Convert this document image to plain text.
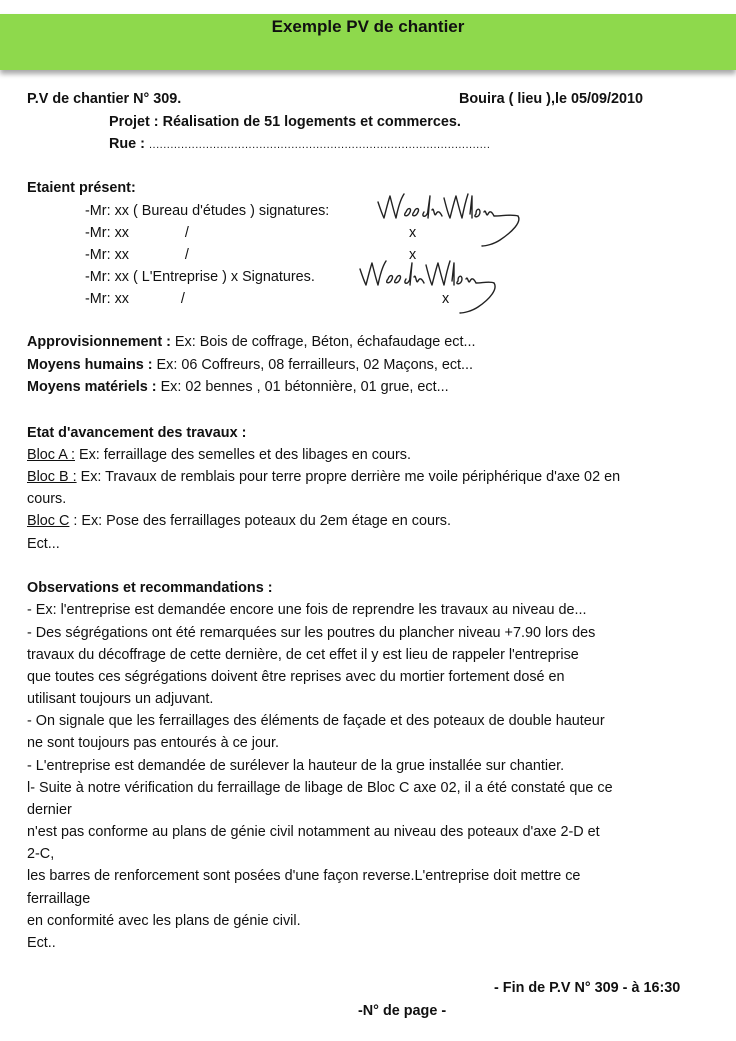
Exemple PV de chantier
P.V de chantier N° 309.	Bouira ( lieu ),le 05/09/2010
Projet : Réalisation de 51 logements et commerces.
Rue : ................................................................................................
Etaient présent:
-Mr: xx ( Bureau d'études ) signatures:
-Mr: xx              /	x
-Mr: xx              /	x
-Mr: xx ( L'Entreprise ) x Signatures.
-Mr: xx             /	x
Approvisionnement : Ex: Bois de coffrage, Béton, échafaudage ect...
Moyens humains : Ex: 06 Coffreurs, 08 ferrailleurs, 02 Maçons, ect...
Moyens matériels : Ex: 02 bennes , 01 bétonnière, 01 grue, ect...
Etat d'avancement des travaux :
Bloc A : Ex: ferraillage des semelles et des libages en cours.
Bloc B : Ex: Travaux de remblais pour terre propre derrière me voile périphérique d'axe 02 en
cours.
Bloc C : Ex: Pose des ferraillages poteaux du 2em étage en cours.
Ect...
Observations et recommandations :
- Ex: l'entreprise est demandée encore une fois de reprendre les travaux au niveau de...
- Des ségrégations ont été remarquées sur les poutres du plancher niveau +7.90 lors des
travaux du décoffrage de cette dernière, de cet effet il y est lieu de rappeler l'entreprise
que toutes ces ségrégations doivent être reprises avec du mortier fortement dosé en
utilisant toujours un adjuvant.
- On signale que les ferraillages des éléments de façade et des poteaux de double hauteur
ne sont toujours pas entourés à ce jour.
- L'entreprise est demandée de surélever la hauteur de la grue installée sur chantier.
l- Suite à notre vérification du ferraillage de libage de Bloc C axe 02, il a été constaté que ce
dernier
n'est pas conforme au plans de génie civil notamment au niveau des poteaux d'axe 2-D et
2-C,
les barres de renforcement sont posées d'une façon reverse.L'entreprise doit mettre ce
ferraillage
en conformité avec les plans de génie civil.
Ect..
- Fin de P.V N° 309 - à 16:30
-N° de page -
